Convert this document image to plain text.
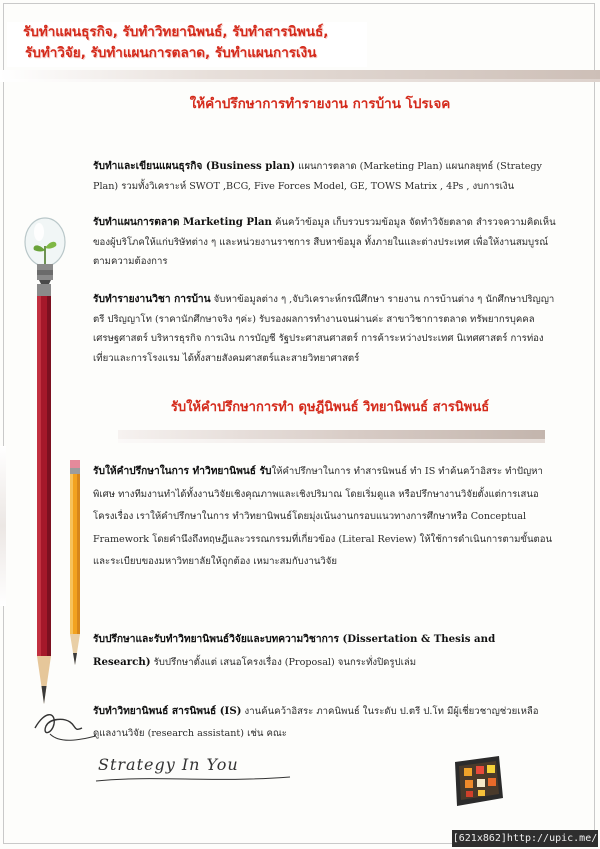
รับทำแผนธุรกิจ, รับทำวิทยานิพนธ์, รับทำสารนิพนธ์,
รับทำวิจัย, รับทำแผนการตลาด, รับทำแผนการเงิน
ให้คำปรึกษาการทำรายงาน การบ้าน โปรเจค
รับทำและเขียนแผนธุรกิจ (Business plan) แผนการตลาด (Marketing Plan) แผนกลยุทธ์ (Strategy Plan) รวมทั้งวิเคราะห์ SWOT ,BCG, Five Forces Model, GE, TOWS Matrix , 4Ps , งบการเงิน
รับทำแผนการตลาด Marketing Plan ค้นคว้าข้อมูล เก็บรวบรวมข้อมูล จัดทำวิจัยตลาด สำรวจความคิดเห็นของผู้บริโภคให้แก่บริษัทต่าง ๆ และหน่วยงานราชการ สืบหาข้อมูล ทั้งภายในและต่างประเทศ เพื่อให้งานสมบูรณ์ตามความต้องการ
รับทำรายงานวิชา การบ้าน จับหาข้อมูลต่าง ๆ ,จับวิเคราะห์กรณีศึกษา รายงาน การบ้านต่าง ๆ นักศึกษาปริญญาตรี ปริญญาโท (ราคานักศึกษาจริง ๆค่ะ) รับรองผลการทำงานจนผ่านค่ะ สาขาวิชาการตลาด ทรัพยากรบุคคล เศรษฐศาสตร์ บริหารธุรกิจ การเงิน การบัญชี รัฐประศาสนศาสตร์ การค้าระหว่างประเทศ นิเทศศาสตร์ การท่องเที่ยวและการโรงแรม ได้ทั้งสายสังคมศาสตร์และสายวิทยาศาสตร์
รับให้คำปรึกษาการทำ ดุษฎีนิพนธ์ วิทยานิพนธ์ สารนิพนธ์
รับให้คำปรึกษาในการ ทำวิทยานิพนธ์ รับให้คำปรึกษาในการ ทำสารนิพนธ์ ทำ IS ทำค้นคว้าอิสระ ทำปัญหาพิเศษ ทางทีมงานทำได้ทั้งงานวิจัยเชิงคุณภาพและเชิงปริมาณ โดยเริ่มดูแล หรือปรึกษางานวิจัยตั้งแต่การเสนอโครงเรื่อง เราให้คำปรึกษาในการ ทำวิทยานิพนธ์โดยมุ่งเน้นงานกรอบแนวทางการศึกษาหรือ Conceptual Framework โดยคำนึงถึงทฤษฎีและวรรณกรรมที่เกี่ยวข้อง (Literal Review) ให้ใช้การดำเนินการตามขั้นตอน และระเบียบของมหาวิทยาลัยให้ถูกต้อง เหมาะสมกับงานวิจัย
รับปรึกษาและรับทำวิทยานิพนธ์วิจัยและบทความวิชาการ (Dissertation & Thesis and Research) รับปรึกษาตั้งแต่ เสนอโครงเรื่อง (Proposal) จนกระทั่งปิดรูปเล่ม
รับทำวิทยานิพนธ์ สารนิพนธ์ (IS) งานค้นคว้าอิสระ ภาคนิพนธ์ ในระดับ ป.ตรี ป.โท มีผู้เชี่ยวชาญช่วยเหลือดูแลงานวิจัย (research assistant) เช่น คณะ
Strategy In You
[621x862]http://upic.me/
